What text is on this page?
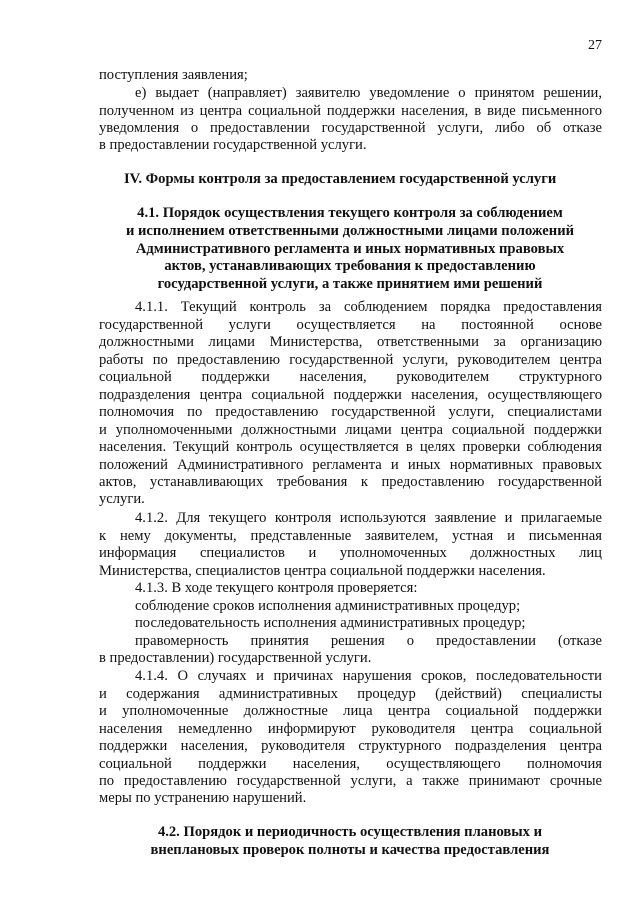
27
поступления заявления;
е) выдает (направляет) заявителю уведомление о принятом решении,
полученном из центра социальной поддержки населения, в виде письменного
уведомления о предоставлении государственной услуги, либо об отказе
в предоставлении государственной услуги.
IV. Формы контроля за предоставлением государственной услуги
4.1. Порядок осуществления текущего контроля за соблюдением
и исполнением ответственными должностными лицами положений
Административного регламента и иных нормативных правовых
актов, устанавливающих требования к предоставлению
государственной услуги, а также принятием ими решений
4.1.1. Текущий контроль за соблюдением порядка предоставления
государственной услуги осуществляется на постоянной основе
должностными лицами Министерства, ответственными за организацию
работы по предоставлению государственной услуги, руководителем центра
социальной поддержки населения, руководителем структурного
подразделения центра социальной поддержки населения, осуществляющего
полномочия по предоставлению государственной услуги, специалистами
и уполномоченными должностными лицами центра социальной поддержки
населения. Текущий контроль осуществляется в целях проверки соблюдения
положений Административного регламента и иных нормативных правовых
актов, устанавливающих требования к предоставлению государственной
услуги.
4.1.2. Для текущего контроля используются заявление и прилагаемые
к нему документы, представленные заявителем, устная и письменная
информация специалистов и уполномоченных должностных лиц
Министерства, специалистов центра социальной поддержки населения.
4.1.3. В ходе текущего контроля проверяется:
соблюдение сроков исполнения административных процедур;
последовательность исполнения административных процедур;
правомерность принятия решения о предоставлении (отказе
в предоставлении) государственной услуги.
4.1.4. О случаях и причинах нарушения сроков, последовательности
и содержания административных процедур (действий) специалисты
и уполномоченные должностные лица центра социальной поддержки
населения немедленно информируют руководителя центра социальной
поддержки населения, руководителя структурного подразделения центра
социальной поддержки населения, осуществляющего полномочия
по предоставлению государственной услуги, а также принимают срочные
меры по устранению нарушений.
4.2. Порядок и периодичность осуществления плановых и
внеплановых проверок полноты и качества предоставления
